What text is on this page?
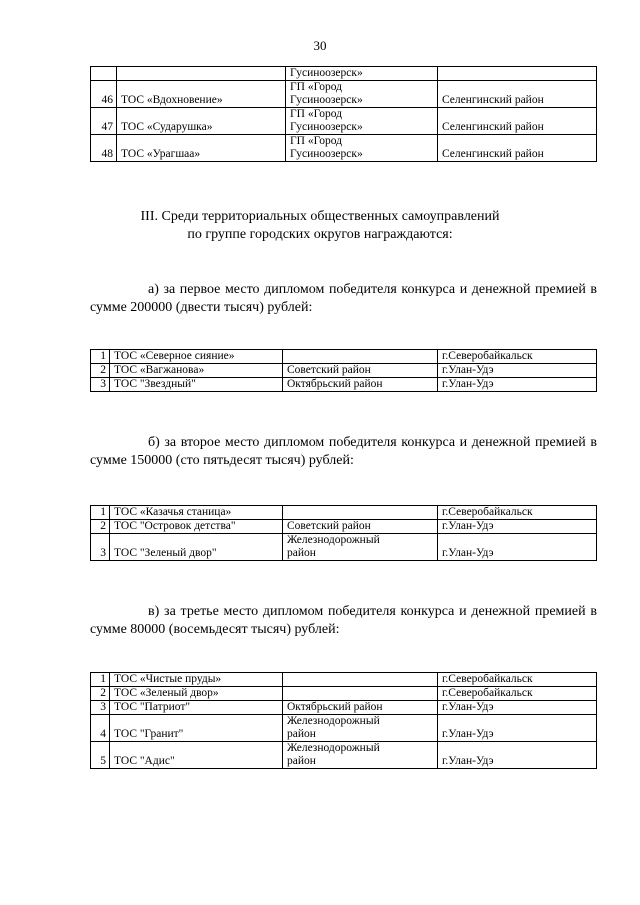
30

		Гусиноозерск»	

46	ТОС «Вдохновение»	ГП «Город
Гусиноозерск»	Селенгинский район
47	ТОС «Сударушка»	ГП «Город
Гусиноозерск»	Селенгинский район
48	ТОС «Урагшаа»	ГП «Город
Гусиноозерск»	Селенгинский район
III. Среди территориальных общественных самоуправлений
по группе городских округов награждаются:
а) за первое место дипломом победителя конкурса и денежной премией в сумме 200000 (двести тысяч) рублей:
1	ТОС «Северное сияние»		г.Северобайкальск
2	ТОС «Вагжанова»	Советский район	г.Улан-Удэ
3	ТОС "Звездный"	Октябрьский район	г.Улан-Удэ
б) за второе место дипломом победителя конкурса и денежной премией в сумме 150000 (сто пятьдесят тысяч) рублей:
1	ТОС «Казачья станица»		г.Северобайкальск
2	ТОС "Островок детства"	Советский район	г.Улан-Удэ
3	ТОС "Зеленый двор"	Железнодорожный
район	г.Улан-Удэ
в) за третье место дипломом победителя конкурса и денежной премией в сумме 80000 (восемьдесят тысяч) рублей:
1	ТОС «Чистые пруды»		г.Северобайкальск
2	ТОС «Зеленый двор»		г.Северобайкальск
3	ТОС "Патриот"	Октябрьский район	г.Улан-Удэ
4	ТОС "Гранит"	Железнодорожный
район	г.Улан-Удэ
5	ТОС "Адис"	Железнодорожный
район	г.Улан-Удэ
